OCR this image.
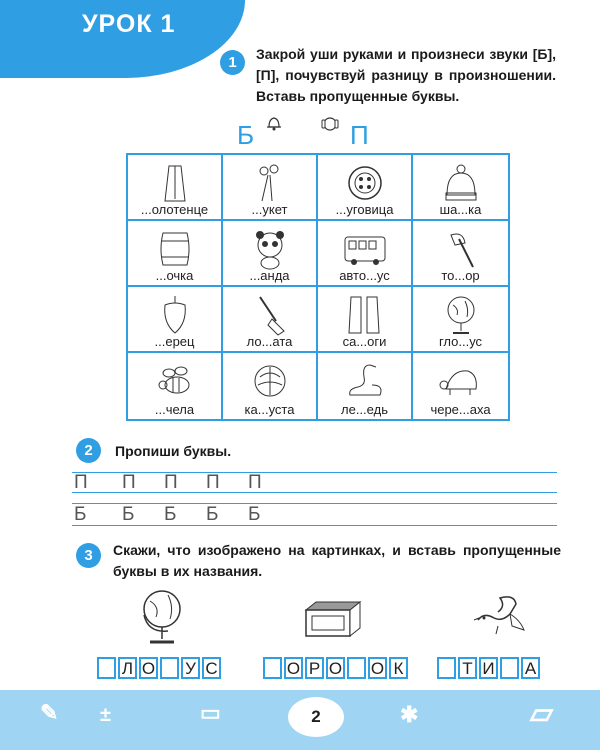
УРОК 1
1	Закрой уши руками и произнеси звуки [Б], [П], почувствуй разницу в произношении. Вставь пропущенные буквы.
Б	П
...олотенце	...укет	...уговица	ша...ка
...очка	...анда	авто...ус	то...ор
...ерец	ло...ата	са...оги	гло...ус
...чела	ка...уста	ле...едь	чере...аха
2	Пропиши буквы.
П П П П П
Б Б Б Б Б
3	Скажи, что изображено на картинках, и вставь пропущенные буквы в их названия.
Л О У С	О Р О О К	Т И А
✎ ±	▭	✱	▱
2
